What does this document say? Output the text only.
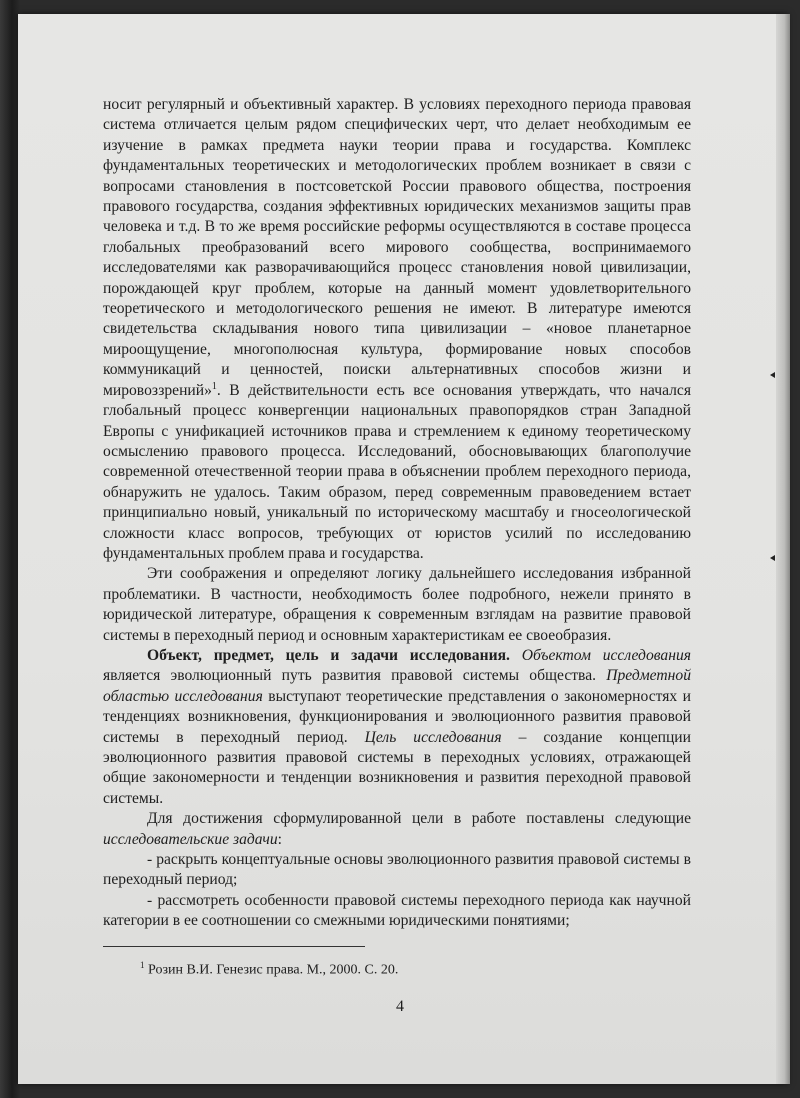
носит регулярный и объективный характер. В условиях переходного периода правовая система отличается целым рядом специфических черт, что делает необходимым ее изучение в рамках предмета науки теории права и государства. Комплекс фундаментальных теоретических и методологических проблем возникает в связи с вопросами становления в постсоветской России правового общества, построения правового государства, создания эффективных юридических механизмов защиты прав человека и т.д. В то же время российские реформы осуществляются в составе процесса глобальных преобразований всего мирового сообщества, воспринимаемого исследователями как разворачивающийся процесс становления новой цивилизации, порождающей круг проблем, которые на данный момент удовлетворительного теоретического и методологического решения не имеют. В литературе имеются свидетельства складывания нового типа цивилизации – «новое планетарное мироощущение, многополюсная культура, формирование новых способов коммуникаций и ценностей, поиски альтернативных способов жизни и мировоззрений»$^1$. В действительности есть все основания утверждать, что начался глобальный процесс конвергенции национальных правопорядков стран Западной Европы с унификацией источников права и стремлением к единому теоретическому осмыслению правового процесса. Исследований, обосновывающих благополучие современной отечественной теории права в объяснении проблем переходного периода, обнаружить не удалось. Таким образом, перед современным правоведением встает принципиально новый, уникальный по историческому масштабу и гносеологической сложности класс вопросов, требующих от юристов усилий по исследованию фундаментальных проблем права и государства.

Эти соображения и определяют логику дальнейшего исследования избранной проблематики. В частности, необходимость более подробного, нежели принято в юридической литературе, обращения к современным взглядам на развитие правовой системы в переходный период и основным характеристикам ее своеобразия.

Объект, предмет, цель и задачи исследования. Объектом исследования является эволюционный путь развития правовой системы общества. Предметной областью исследования выступают теоретические представления о закономерностях и тенденциях возникновения, функционирования и эволюционного развития правовой системы в переходный период. Цель исследования – создание концепции эволюционного развития правовой системы в переходных условиях, отражающей общие закономерности и тенденции возникновения и развития переходной правовой системы.

Для достижения сформулированной цели в работе поставлены следующие исследовательские задачи:

- раскрыть концептуальные основы эволюционного развития правовой системы в переходный период;

- рассмотреть особенности правовой системы переходного периода как научной категории в ее соотношении со смежными юридическими понятиями;

$^1$ Розин В.И. Генезис права. М., 2000. С. 20.
4
